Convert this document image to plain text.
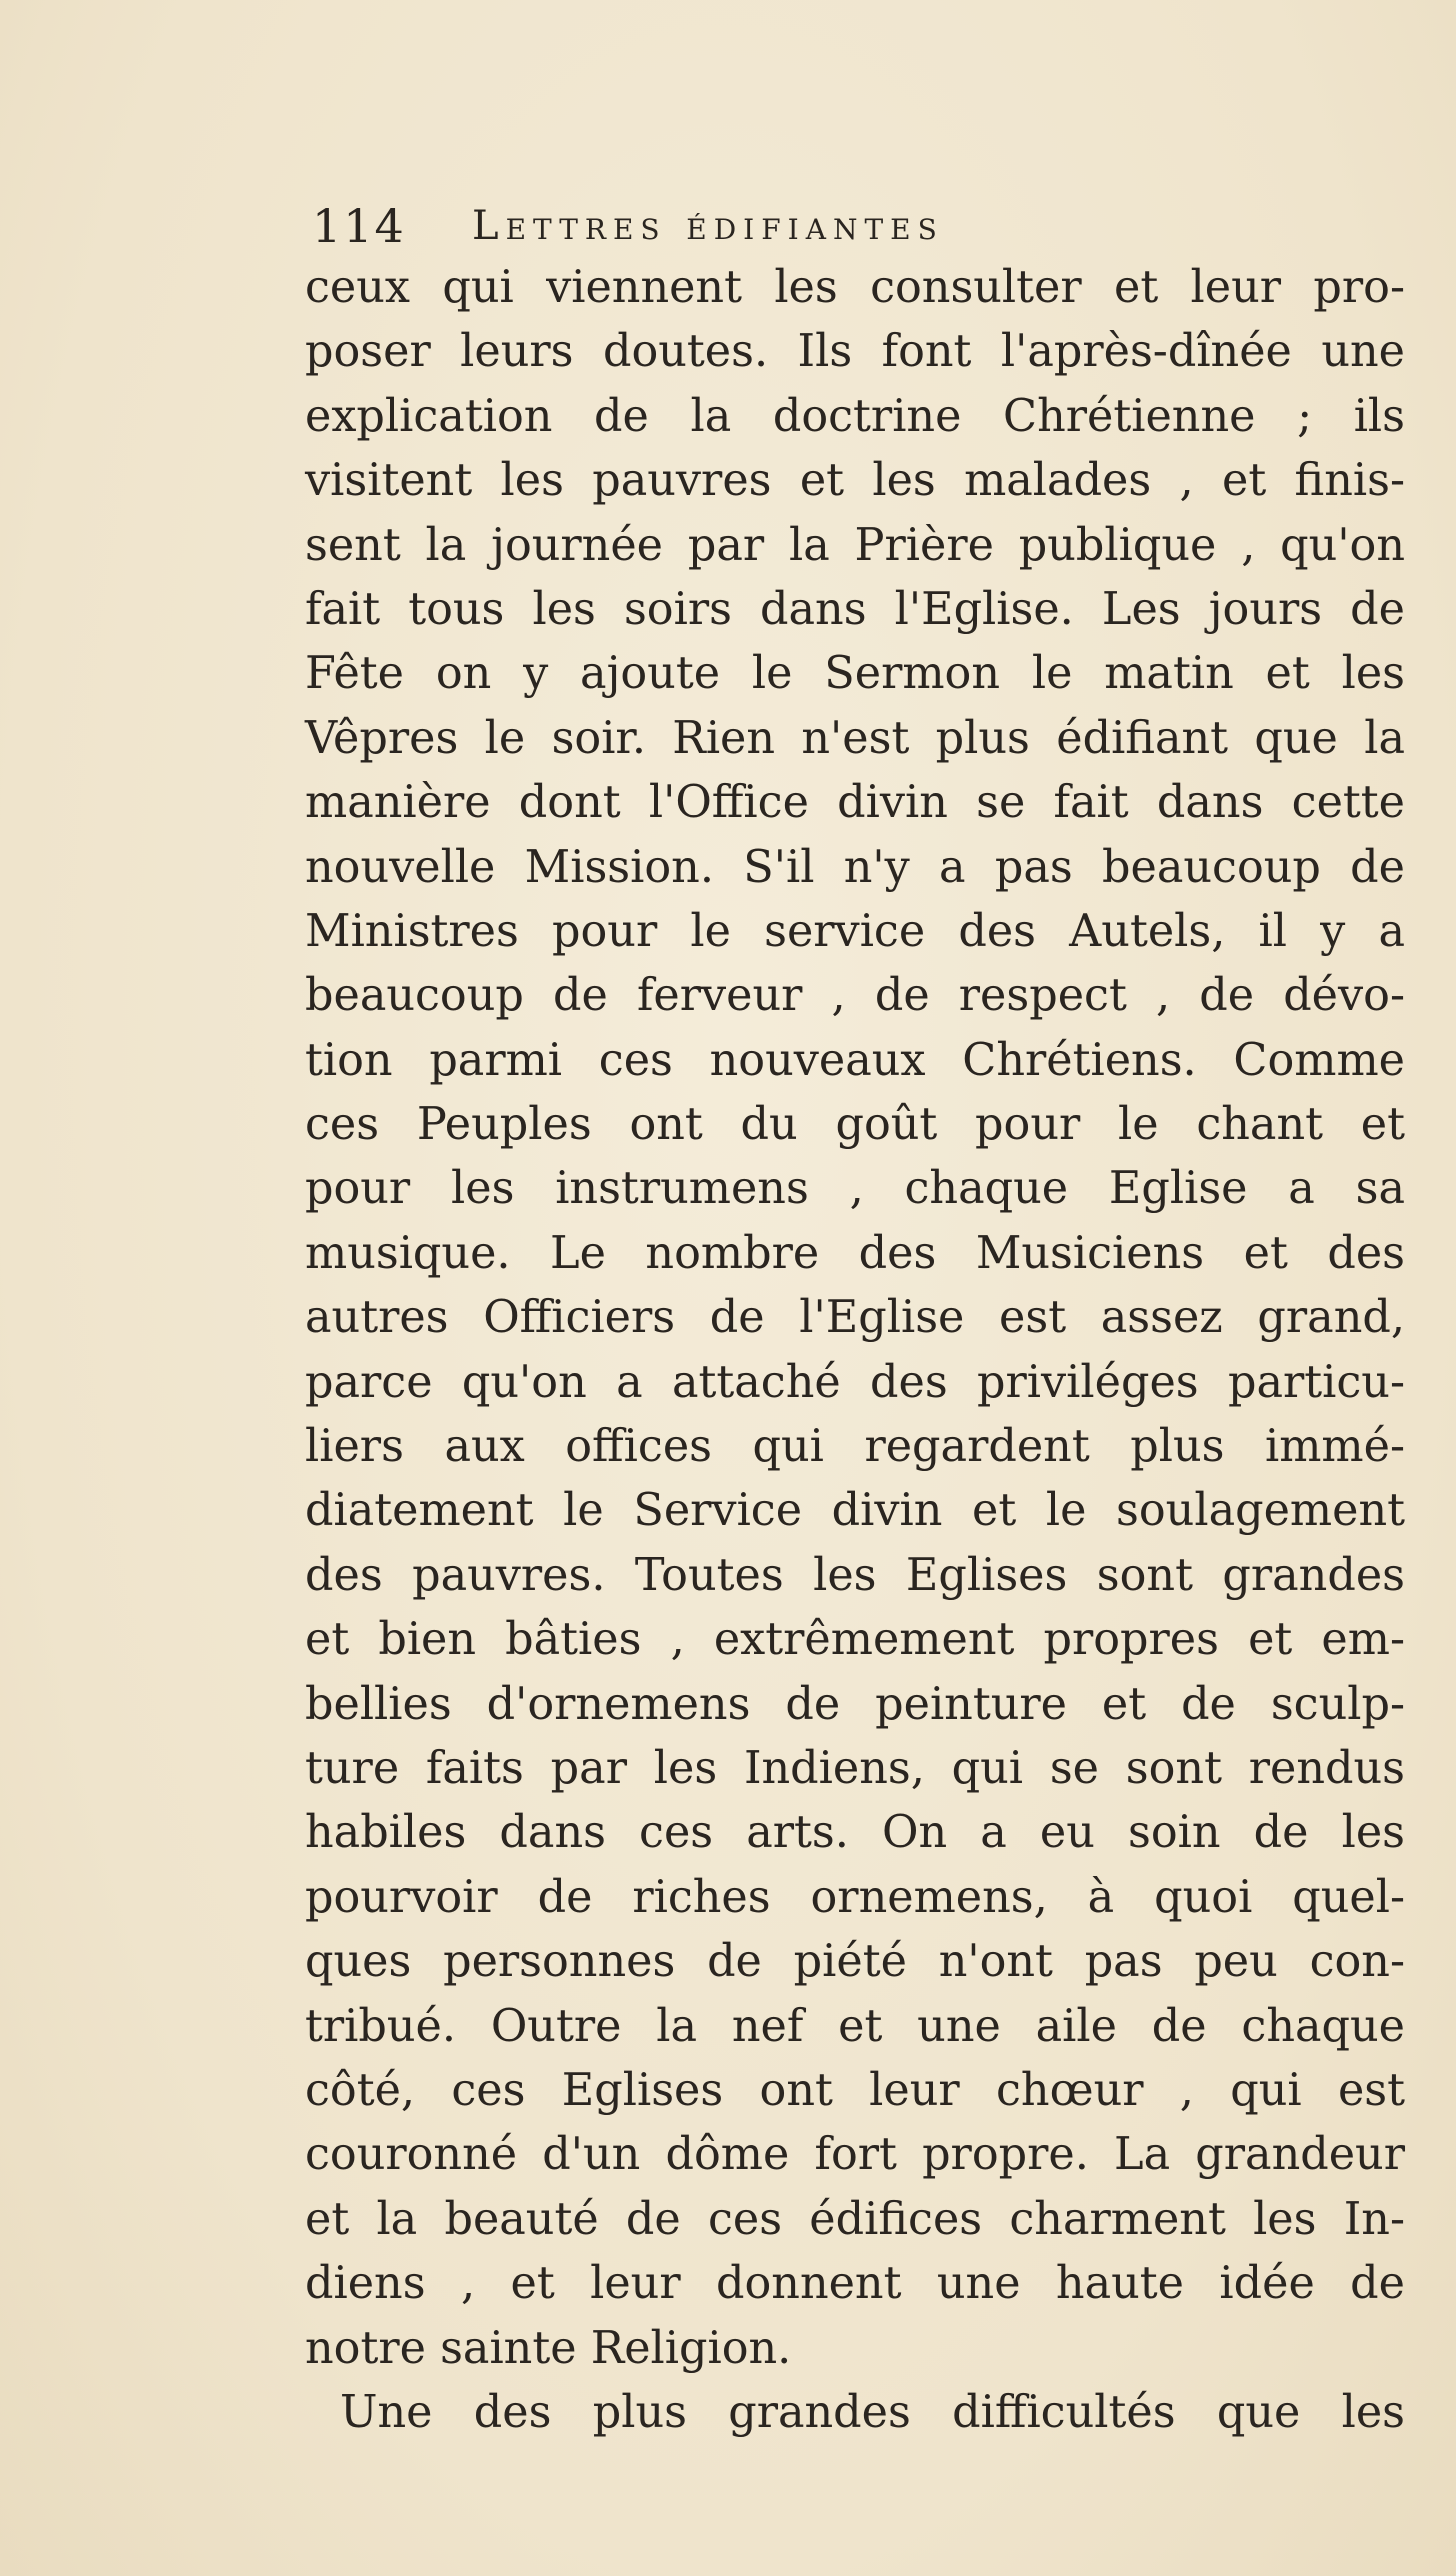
114 Lettres édifiantes
ceux qui viennent les consulter et leur pro-
poser leurs doutes. Ils font l'après-dînée une
explication de la doctrine Chrétienne ; ils
visitent les pauvres et les malades , et finis-
sent la journée par la Prière publique , qu'on
fait tous les soirs dans l'Eglise. Les jours de
Fête on y ajoute le Sermon le matin et les
Vêpres le soir. Rien n'est plus édifiant que la
manière dont l'Office divin se fait dans cette
nouvelle Mission. S'il n'y a pas beaucoup de
Ministres pour le service des Autels, il y a
beaucoup de ferveur , de respect , de dévo-
tion parmi ces nouveaux Chrétiens. Comme
ces Peuples ont du goût pour le chant et
pour les instrumens , chaque Eglise a sa
musique. Le nombre des Musiciens et des
autres Officiers de l'Eglise est assez grand,
parce qu'on a attaché des priviléges particu-
liers aux offices qui regardent plus immé-
diatement le Service divin et le soulagement
des pauvres. Toutes les Eglises sont grandes
et bien bâties , extrêmement propres et em-
bellies d'ornemens de peinture et de sculp-
ture faits par les Indiens, qui se sont rendus
habiles dans ces arts. On a eu soin de les
pourvoir de riches ornemens, à quoi quel-
ques personnes de piété n'ont pas peu con-
tribué. Outre la nef et une aile de chaque
côté, ces Eglises ont leur chœur , qui est
couronné d'un dôme fort propre. La grandeur
et la beauté de ces édifices charment les In-
diens , et leur donnent une haute idée de
notre sainte Religion.
Une des plus grandes difficultés que les
